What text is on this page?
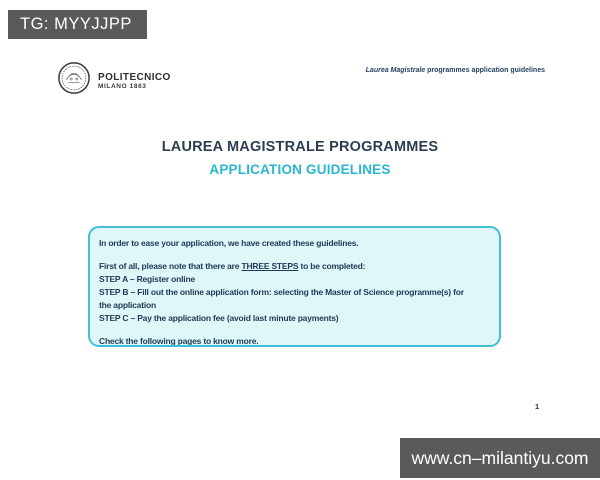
TG: MYYJJPP
POLITECNICO
MILANO 1863
Laurea Magistrale programmes application guidelines
LAUREA MAGISTRALE PROGRAMMES
APPLICATION GUIDELINES
In order to ease your application, we have created these guidelines.
First of all, please note that there are THREE STEPS to be completed:
STEP A – Register online
STEP B – Fill out the online application form: selecting the Master of Science programme(s) for
the application
STEP C – Pay the application fee (avoid last minute payments)
Check the following pages to know more.
1
www.cn–milantiyu.com
